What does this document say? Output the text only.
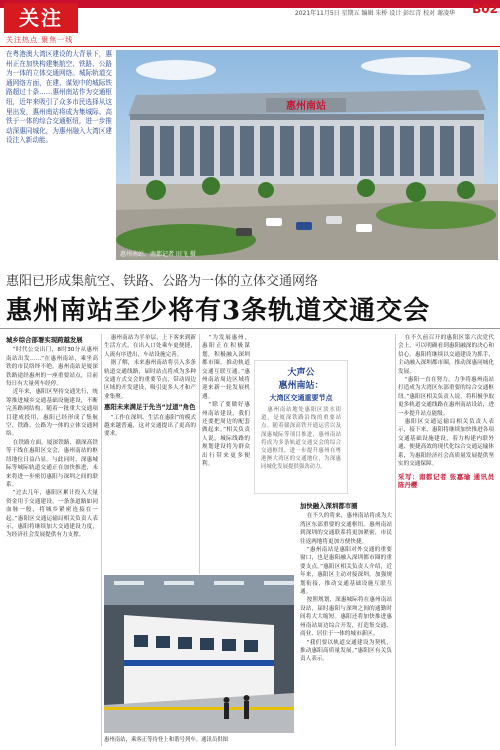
关注
关注热点 聚焦一线
2021年11月5日 星期五 编辑 朱桥 设计 彭红青 校对 谢凌华	B02
在粤港澳大湾区建设的大背景下，惠州正在加快构建集航空、铁路、公路为一体的立体交通网络。城际轨道交通网络方面，在建、谋划中的城际铁路超过十条……惠州南站作为交通枢纽，近年来吸引了众多市民选择从这里出发，惠州南站将成为集城际、高铁于一体的综合交通枢纽，进一步推动深惠同城化，为惠州融入大湾区建设注入新动能。
惠州南站
惠州南站。南都记者 田飞 摄
惠阳已形成集航空、铁路、公路为一体的立体交通网络
惠州南站至少将有3条轨道交通交会
城乡综合部署实现跨越发展

“时代公交出门，8时30分从惠州南站出发……”在惠州南站，乘坐高铁的市民络绎不绝。惠州南站是厦深铁路途经惠州的一座重要站点，目前每日有大量列车经停。

近年来，惠阳区坚持交通先行，统筹推进城乡交通基础设施建设，不断完善路网结构。随着一批重大交通项目建成投用，惠阳已经形成了集航空、铁路、公路为一体的立体交通网络。

在铁路方面，厦深铁路、赣深高铁等干线在惠阳区交会，惠州南站的枢纽地位日益凸显。与此同时，深惠城际等城际轨道交通正在加快推进，未来将进一步密切惠阳与深圳之间的联系。

“过去几年，惠阳区累计投入大量资金用于交通建设，一条条道路如同血脉一般，将城乡紧密连接在一起。”惠阳区交通运输局相关负责人表示，惠阳将继续加大交通建设力度，为经济社会发展提供有力支撑。

惠州南站为半单层、上下客来到新生活方式。在出入口处乘车更便捷，人流有序进出，车站设施完善。

据了解，未来惠州南站将引入多条轨道交通线路，届时站点将成为多种交通方式交会的重要节点，带动周边区域的开发建设，吸引更多人才和产业集聚。

惠阳未来满足于先当“过道”角色

“工作在深圳、生活在惠阳”的模式越来越普遍，这对交通提出了更高的要求。

“为发展惠州，惠阳正在积极谋划，积极融入深圳都市圈，推动轨道交通互联互通。”惠州南站周边区域将迎来新一轮发展机遇。

“除了要做好惠州南站建设，我们还要把周边的配套做起来。”相关负责人说，城际线路的规划建设将为群众出行带来更多便利。

大声公
惠州南站：
大湾区交通重要节点
惠州南站地处惠阳区淡水街道，是厦深铁路沿线的重要站点。随着赣深高铁开通运营以及深惠城际等项目推进，惠州南站将成为多条轨道交通交会的综合交通枢纽，进一步提升惠州在粤港澳大湾区的交通地位，为深惠同城化发展提供强劲动力。
惠州南站，乘客正等待登上和谐号列车。通讯员供图
加快融入深圳都市圈

在不久的将来，惠州南站将成为大湾区东部重要的交通枢纽。惠州南站到深圳的交通联系将更加紧密，市民往返两地将更加方便快捷。

“惠州南站是惠阳对外交通的重要窗口，也是惠阳融入深圳都市圈的重要支点。”惠阳区相关负责人介绍，近年来，惠阳区主动对接深圳，加强规划衔接，推动交通基础设施互联互通。

按照规划，深惠城际将在惠州南站设站，届时惠阳与深圳之间的通勤时间将大大缩短。惠阳还将加快推进惠州南站周边综合开发，打造集交通、商业、居住于一体的城市新区。

“我们要以轨道交通建设为契机，推动惠阳高质量发展。”惠阳区有关负责人表示。

在不久前召开的惠阳区第六次党代会上，可以明确看到惠阳融深的决心和信心。惠阳将继续以交通建设为抓手，主动融入深圳都市圈，推动深惠同城化发展。

“惠阳一直在努力，力争将惠州南站打造成为大湾区东部重要的综合交通枢纽。”惠阳区相关负责人说，将积极争取更多轨道交通线路在惠州南站设站，进一步提升站点能级。

惠阳区交通运输局相关负责人表示，接下来，惠阳将继续加快推进各项交通基础设施建设，着力构建内联外通、便捷高效的现代化综合交通运输体系，为惠阳经济社会高质量发展提供坚实的交通保障。

采写：南都记者 张嘉瑜 通讯员 陈丹樱
